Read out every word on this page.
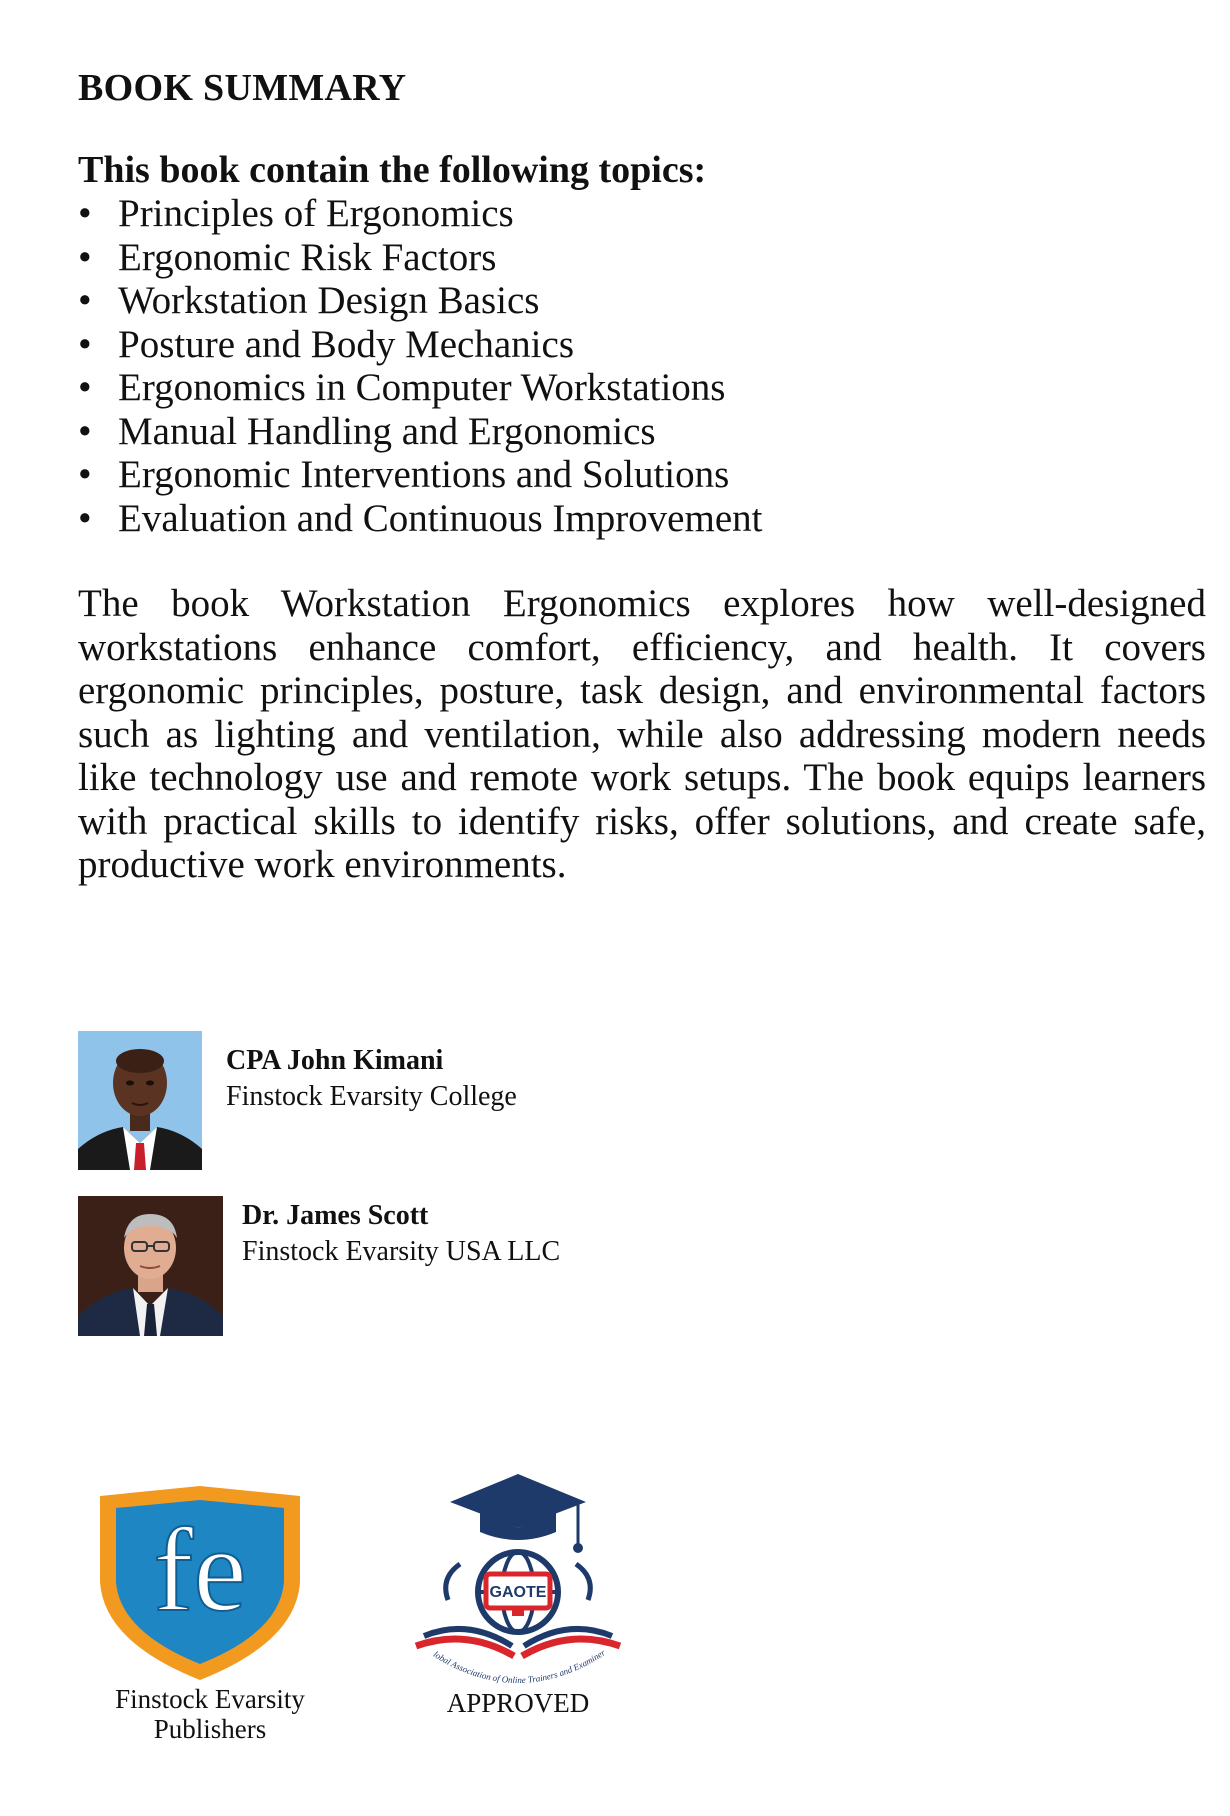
BOOK SUMMARY
This book contain the following topics:
• Principles of Ergonomics
• Ergonomic Risk Factors
• Workstation Design Basics
• Posture and Body Mechanics
• Ergonomics in Computer Workstations
• Manual Handling and Ergonomics
• Ergonomic Interventions and Solutions
• Evaluation and Continuous Improvement

The book Workstation Ergonomics explores how well-designed workstations enhance comfort, efficiency, and health. It covers ergonomic principles, posture, task design, and environmental factors such as lighting and ventilation, while also addressing modern needs like technology use and remote work setups. The book equips learners with practical skills to identify risks, offer solutions, and create safe, productive work environments.

CPA John Kimani
Finstock Evarsity College
Dr. James Scott
Finstock Evarsity USA LLC
fe
Finstock Evarsity
Publishers
GAOTE
lobal Association of Online Trainers and Examiner
APPROVED
